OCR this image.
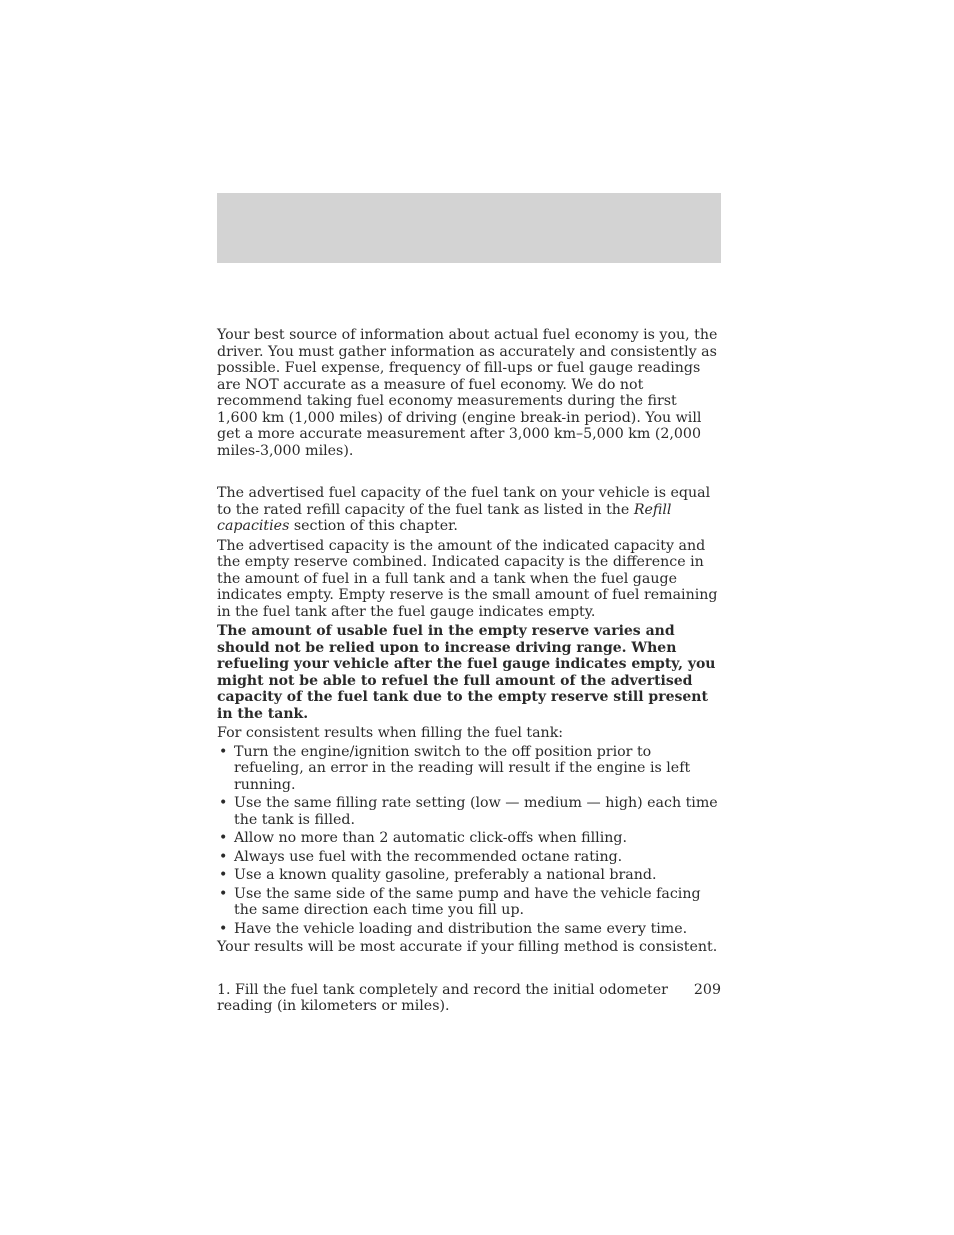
Your best source of information about actual fuel economy is you, the driver. You must gather information as accurately and consistently as possible. Fuel expense, frequency of fill-ups or fuel gauge readings are NOT accurate as a measure of fuel economy. We do not recommend taking fuel economy measurements during the first 1,600 km (1,000 miles) of driving (engine break-in period). You will get a more accurate measurement after 3,000 km–5,000 km (2,000 miles-3,000 miles).

The advertised fuel capacity of the fuel tank on your vehicle is equal to the rated refill capacity of the fuel tank as listed in the Refill capacities section of this chapter.

The advertised capacity is the amount of the indicated capacity and the empty reserve combined. Indicated capacity is the difference in the amount of fuel in a full tank and a tank when the fuel gauge indicates empty. Empty reserve is the small amount of fuel remaining in the fuel tank after the fuel gauge indicates empty.

The amount of usable fuel in the empty reserve varies and should not be relied upon to increase driving range. When refueling your vehicle after the fuel gauge indicates empty, you might not be able to refuel the full amount of the advertised capacity of the fuel tank due to the empty reserve still present in the tank.

For consistent results when filling the fuel tank:

• Turn the engine/ignition switch to the off position prior to refueling, an error in the reading will result if the engine is left running.
• Use the same filling rate setting (low — medium — high) each time the tank is filled.
• Allow no more than 2 automatic click-offs when filling.
• Always use fuel with the recommended octane rating.
• Use a known quality gasoline, preferably a national brand.
• Use the same side of the same pump and have the vehicle facing the same direction each time you fill up.
• Have the vehicle loading and distribution the same every time.

Your results will be most accurate if your filling method is consistent.

1. Fill the fuel tank completely and record the initial odometer reading (in kilometers or miles).

209
